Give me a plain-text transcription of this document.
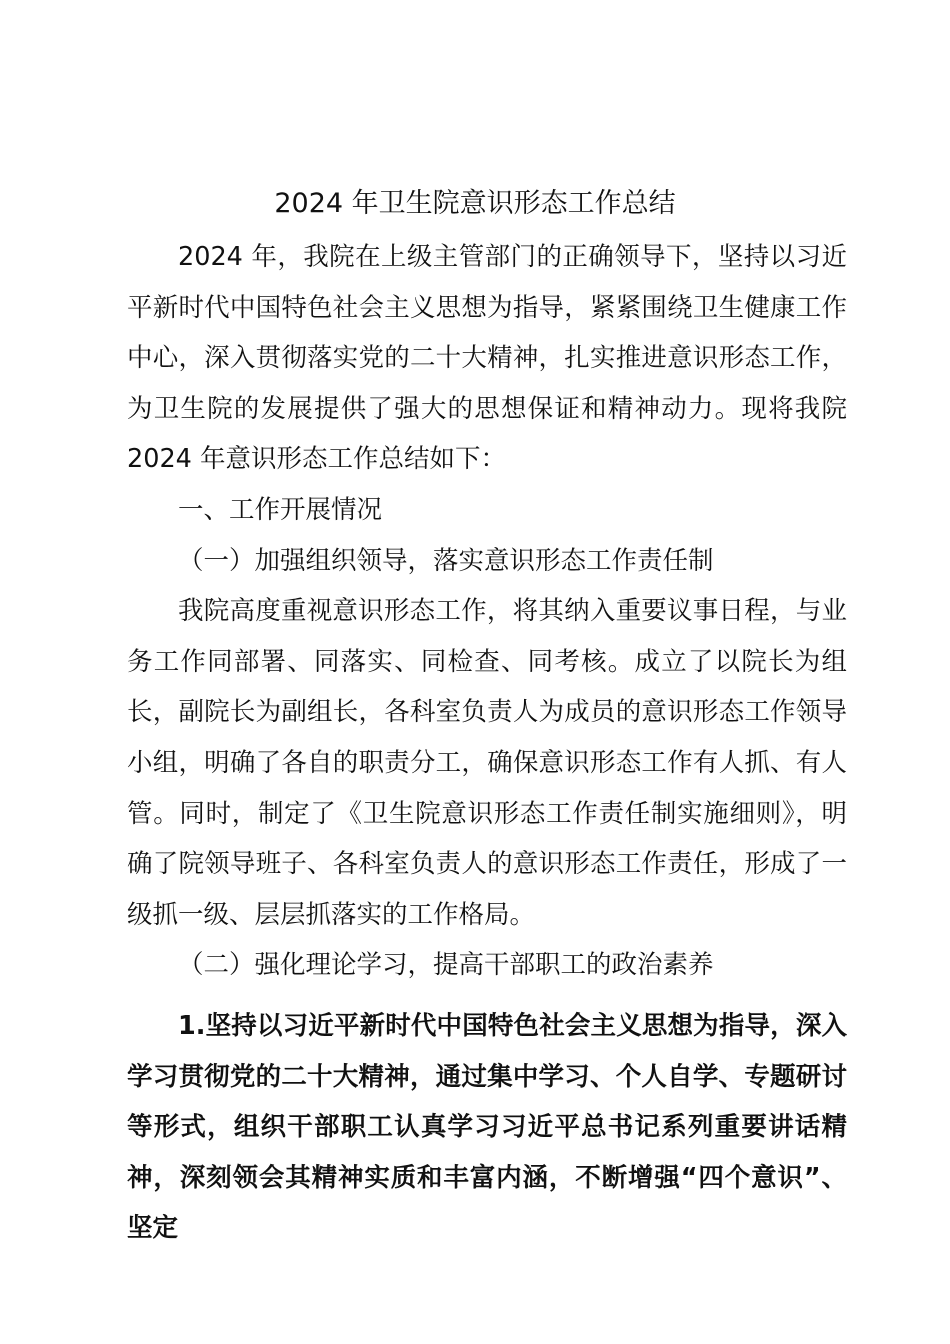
2024 年卫生院意识形态工作总结

2024 年，我院在上级主管部门的正确领导下，坚持以习近平新时代中国特色社会主义思想为指导，紧紧围绕卫生健康工作中心，深入贯彻落实党的二十大精神，扎实推进意识形态工作，为卫生院的发展提供了强大的思想保证和精神动力。现将我院 2024 年意识形态工作总结如下：

一、工作开展情况

（一）加强组织领导，落实意识形态工作责任制

我院高度重视意识形态工作，将其纳入重要议事日程，与业务工作同部署、同落实、同检查、同考核。成立了以院长为组长，副院长为副组长，各科室负责人为成员的意识形态工作领导小组，明确了各自的职责分工，确保意识形态工作有人抓、有人管。同时，制定了《卫生院意识形态工作责任制实施细则》，明确了院领导班子、各科室负责人的意识形态工作责任，形成了一级抓一级、层层抓落实的工作格局。

（二）强化理论学习，提高干部职工的政治素养

1.坚持以习近平新时代中国特色社会主义思想为指导，深入学习贯彻党的二十大精神，通过集中学习、个人自学、专题研讨等形式，组织干部职工认真学习习近平总书记系列重要讲话精神，深刻领会其精神实质和丰富内涵，不断增强“四个意识”、坚定
